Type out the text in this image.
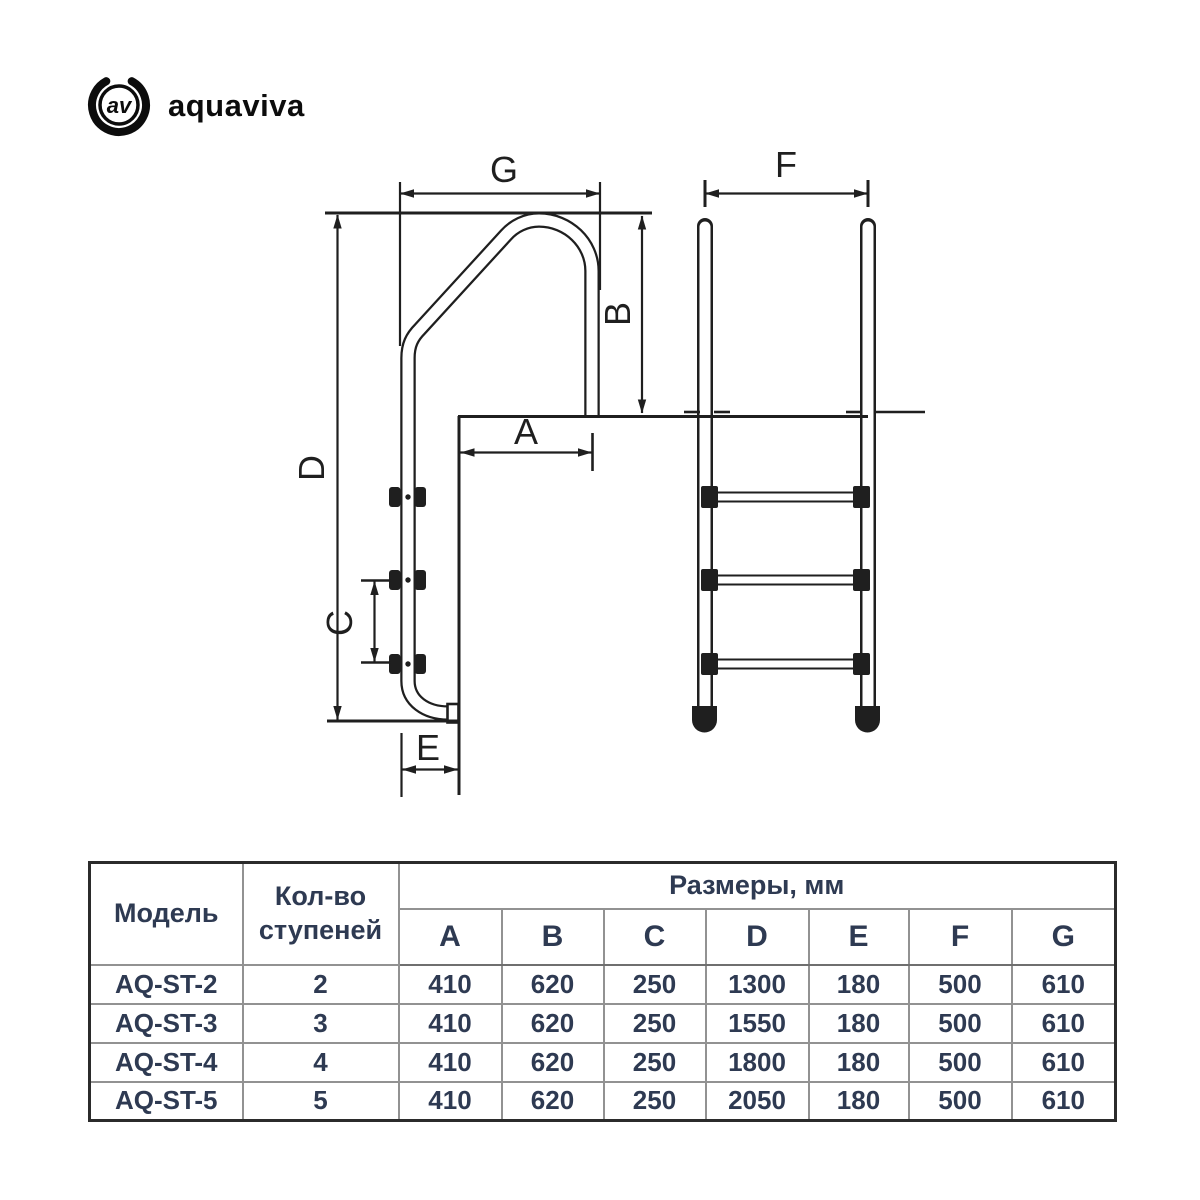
av aquaviva
G
D
B
A
C
E
F
Модель	Кол-во ступеней	Размеры, мм						
		A	B	C	D	E	F	G
AQ-ST-2	2	410	620	250	1300	180	500	610
AQ-ST-3	3	410	620	250	1550	180	500	610
AQ-ST-4	4	410	620	250	1800	180	500	610
AQ-ST-5	5	410	620	250	2050	180	500	610
